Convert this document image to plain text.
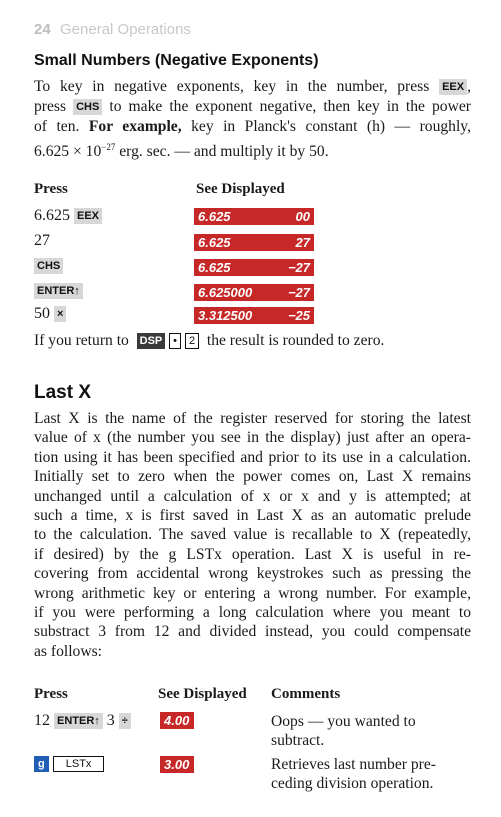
24 General Operations
Small Numbers (Negative Exponents)
To key in negative exponents, key in the number, press EEX ,
press CHS to make the exponent negative, then key in the power
of ten. For example, key in Planck's constant (h) — roughly,
$6.625 \times 10^{-27}$ erg. sec. — and multiply it by 50.
Press	See Displayed
6.625 EEX	6.625	00
27	6.625	27
CHS	6.625	−27
ENTER↑	6.625000	−27
50 ×	3.312500	−25
If you return to DSP • 2 the result is rounded to zero.
Last X
Last X is the name of the register reserved for storing the latest
value of x (the number you see in the display) just after an opera-
tion using it has been specified and prior to its use in a calculation.
Initially set to zero when the power comes on, Last X remains
unchanged until a calculation of x or x and y is attempted; at
such a time, x is first saved in Last X as an automatic prelude
to the calculation. The saved value is recallable to X (repeatedly,
if desired) by the g LSTx operation. Last X is useful in re-
covering from accidental wrong keystrokes such as pressing the
wrong arithmetic key or entering a wrong number. For example,
if you were performing a long calculation where you meant to
substract 3 from 12 and divided instead, you could compensate
as follows:
Press	See Displayed Comments
12 ENTER↑ 3 ÷	4.00	Oops — you wanted to
subtract.
g LSTx	3.00	Retrieves last number pre-
ceding division operation.
